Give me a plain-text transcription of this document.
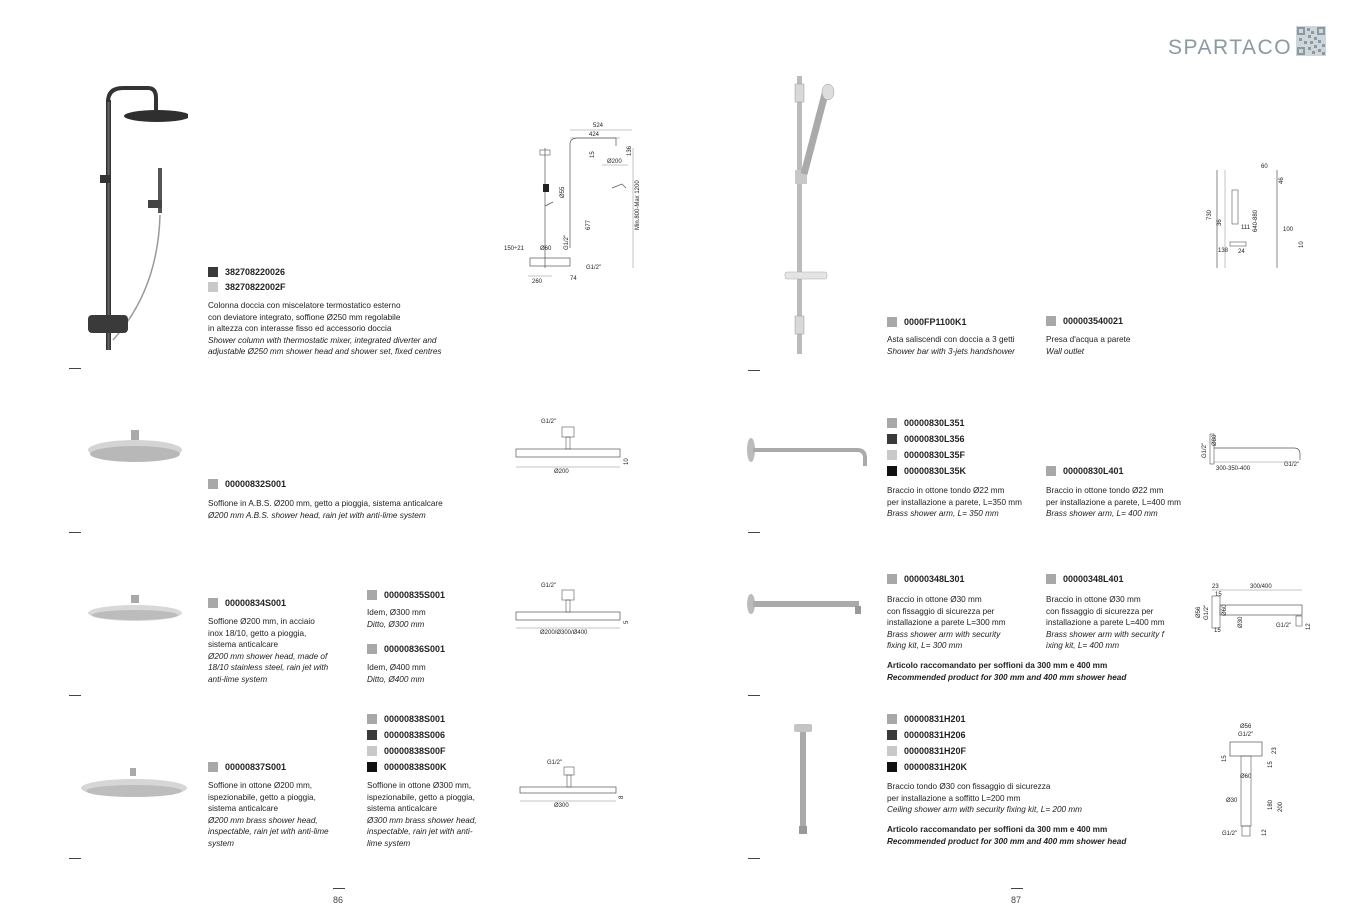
SPARTACO
382708220026
38270822002F
Colonna doccia con miscelatore termostatico esterno
con deviatore integrato, soffione Ø250 mm regolabile
in altezza con interasse fisso ed accessorio doccia
Shower column with thermostatic mixer, integrated diverter and
adjustable Ø250 mm shower head and shower set, fixed centres
524
424
15	136
Ø200
Ø55
677	Min.800-Max 1200
150÷21	Ø60 G1/2"
G1/2"
260	74
00000832S001
Soffione in A.B.S. Ø200 mm, getto a pioggia, sistema anticalcare
Ø200 mm A.B.S. shower head, rain jet with anti-lime system
G1/2"
Ø200
10
00000834S001
Soffione Ø200 mm, in acciaio
inox 18/10, getto a pioggia,
sistema anticalcare
Ø200 mm shower head, made of
18/10 stainless steel, rain jet with
anti-lime system
00000835S001
Idem, Ø300 mm
Ditto, Ø300 mm
00000836S001
Idem, Ø400 mm
Ditto, Ø400 mm
G1/2"
Ø200/Ø300/Ø400
5
00000837S001
Soffione in ottone Ø200 mm,
ispezionabile, getto a pioggia,
sistema anticalcare
Ø200 mm brass shower head,
inspectable, rain jet with anti-lime
system
00000838S001
00000838S006
00000838S00F
00000838S00K
Soffione in ottone Ø300 mm,
ispezionabile, getto a pioggia,
sistema anticalcare
Ø300 mm brass shower head,
inspectable, rain jet with anti-
lime system
G1/2"
Ø300
8
86
730
36	640-880
60
46
111	100
10
138 24
0000FP1100K1
Asta saliscendi con doccia a 3 getti
Shower bar with 3-jets handshower
000003540021
Presa d'acqua a parete
Wall outlet
00000830L351
00000830L356
00000830L35F
00000830L35K
Braccio in ottone tondo Ø22 mm
per installazione a parete, L=350 mm
Brass shower arm, L= 350 mm
00000830L401
Braccio in ottone tondo Ø22 mm
per installazione a parete, L=400 mm
Brass shower arm, L= 400 mm
G1/2"
Ø80
300-350-400
G1/2"
00000348L301
Braccio in ottone Ø30 mm
con fissaggio di sicurezza per
installazione a parete L=300 mm
Brass shower arm with security
fixing kit, L= 300 mm
00000348L401
Braccio in ottone Ø30 mm
con fissaggio di sicurezza per
installazione a parete L=400 mm
Brass shower arm with security f
ixing kit, L= 400 mm
Articolo raccomandato per soffioni da 300 mm e 400 mm
Recommended product for 300 mm and 400 mm shower head
23	300/400
15
Ø56 G1/2" Ø60
15
Ø30	G1/2" 12
00000831H201
00000831H206
00000831H20F
00000831H20K
Braccio tondo Ø30 con fissaggio di sicurezza
per installazione a soffitto L=200 mm
Ceiling shower arm with security fixing kit, L= 200 mm
Articolo raccomandato per soffioni da 300 mm e 400 mm
Recommended product for 300 mm and 400 mm shower head
Ø56
G1/2"
23
15
15
Ø60
180 200
Ø30
G1/2"	12
87
